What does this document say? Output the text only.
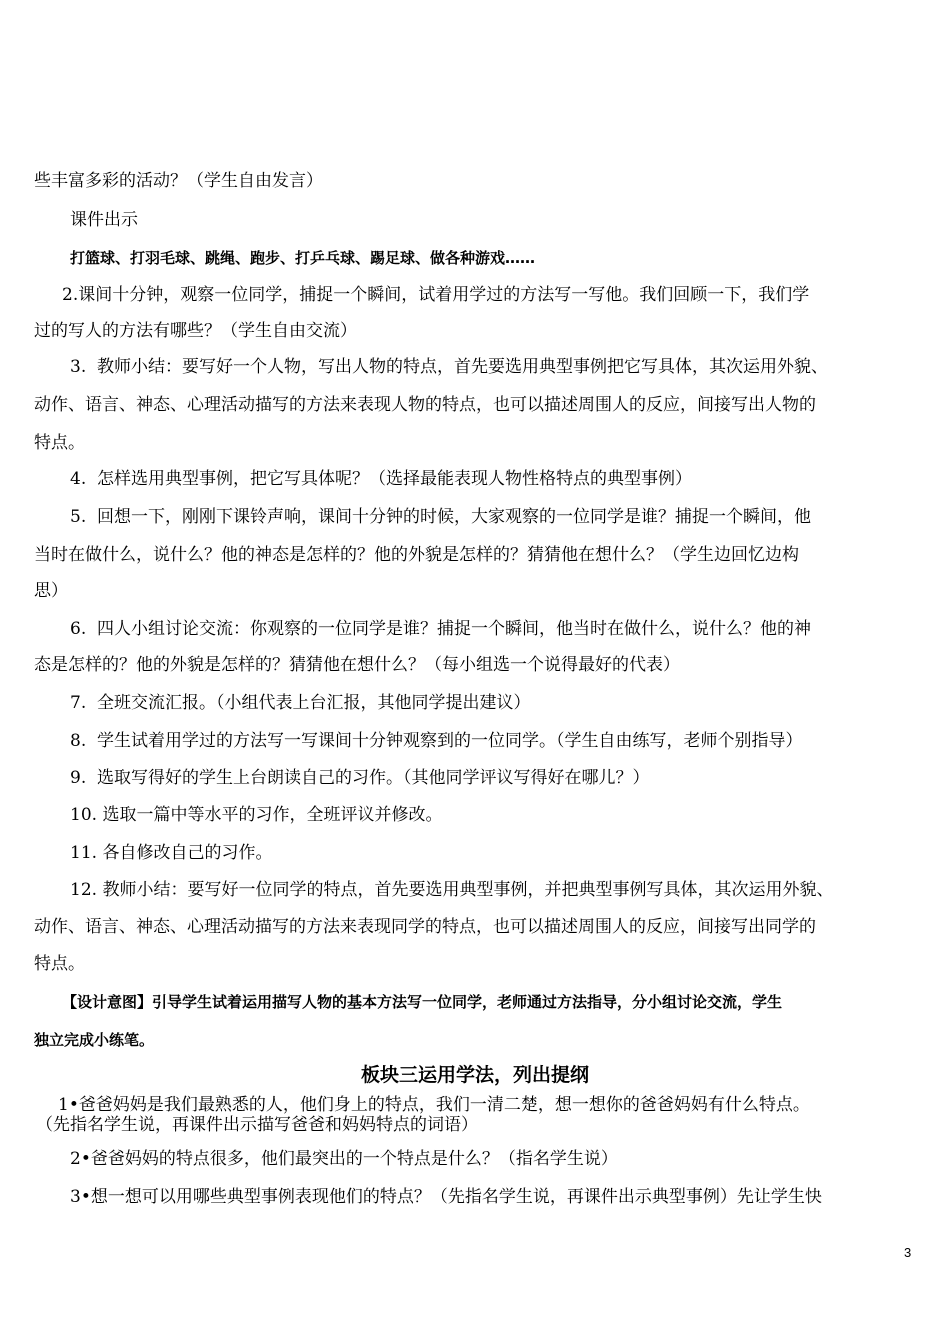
些丰富多彩的活动？（学生自由发言）
课件出示
打篮球、打羽毛球、跳绳、跑步、打乒乓球、踢足球、做各种游戏……
2.课间十分钟，观察一位同学，捕捉一个瞬间，试着用学过的方法写一写他。我们回顾一下，我们学
过的写人的方法有哪些？（学生自由交流）
3.  教师小结：要写好一个人物，写出人物的特点，首先要选用典型事例把它写具体，其次运用外貌、
动作、语言、神态、心理活动描写的方法来表现人物的特点，也可以描述周围人的反应，间接写出人物的
特点。
4.  怎样选用典型事例，把它写具体呢？（选择最能表现人物性格特点的典型事例）
5.  回想一下，刚刚下课铃声响，课间十分钟的时候，大家观察的一位同学是谁？捕捉一个瞬间，他
当时在做什么，说什么？他的神态是怎样的？他的外貌是怎样的？猜猜他在想什么？（学生边回忆边构
思）
6.  四人小组讨论交流：你观察的一位同学是谁？捕捉一个瞬间，他当时在做什么，说什么？他的神
态是怎样的？他的外貌是怎样的？猜猜他在想什么？（每小组选一个说得最好的代表）
7.  全班交流汇报。（小组代表上台汇报，其他同学提出建议）
8.  学生试着用学过的方法写一写课间十分钟观察到的一位同学。（学生自由练写，老师个别指导）
9.  选取写得好的学生上台朗读自己的习作。（其他同学评议写得好在哪儿？）
10. 选取一篇中等水平的习作，全班评议并修改。
11. 各自修改自己的习作。
12. 教师小结：要写好一位同学的特点，首先要选用典型事例，并把典型事例写具体，其次运用外貌、
动作、语言、神态、心理活动描写的方法来表现同学的特点，也可以描述周围人的反应，间接写出同学的
特点。
【设计意图】引导学生试着运用描写人物的基本方法写一位同学，老师通过方法指导，分小组讨论交流，学生
独立完成小练笔。
板块三运用学法，列出提纲
1•爸爸妈妈是我们最熟悉的人，他们身上的特点，我们一清二楚，想一想你的爸爸妈妈有什么特点。
（先指名学生说，再课件出示描写爸爸和妈妈特点的词语）
2•爸爸妈妈的特点很多，他们最突出的一个特点是什么？（指名学生说）
3•想一想可以用哪些典型事例表现他们的特点？（先指名学生说，再课件出示典型事例）先让学生快
3
